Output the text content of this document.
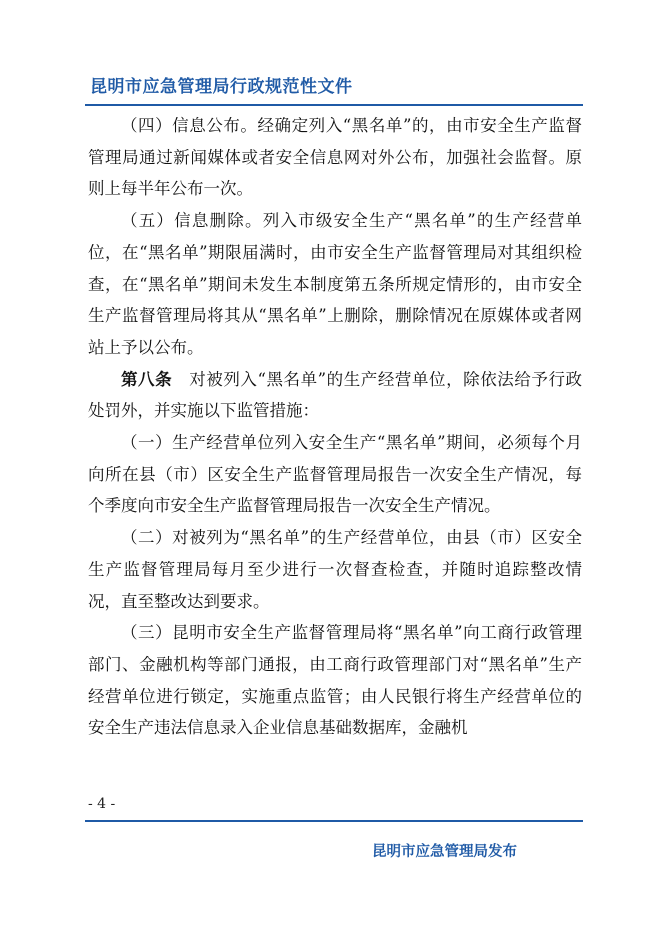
昆明市应急管理局行政规范性文件

（四）信息公布。经确定列入“黑名单”的，由市安全生产监督管理局通过新闻媒体或者安全信息网对外公布，加强社会监督。原则上每半年公布一次。

（五）信息删除。列入市级安全生产“黑名单”的生产经营单位，在“黑名单”期限届满时，由市安全生产监督管理局对其组织检查，在“黑名单”期间未发生本制度第五条所规定情形的，由市安全生产监督管理局将其从“黑名单”上删除，删除情况在原媒体或者网站上予以公布。

第八条　对被列入“黑名单”的生产经营单位，除依法给予行政处罚外，并实施以下监管措施：

（一）生产经营单位列入安全生产“黑名单”期间，必须每个月向所在县（市）区安全生产监督管理局报告一次安全生产情况，每个季度向市安全生产监督管理局报告一次安全生产情况。

（二）对被列为“黑名单”的生产经营单位，由县（市）区安全生产监督管理局每月至少进行一次督查检查，并随时追踪整改情况，直至整改达到要求。

（三）昆明市安全生产监督管理局将“黑名单”向工商行政管理部门、金融机构等部门通报，由工商行政管理部门对“黑名单”生产经营单位进行锁定，实施重点监管；由人民银行将生产经营单位的安全生产违法信息录入企业信息基础数据库，金融机

- 4 -
昆明市应急管理局发布
